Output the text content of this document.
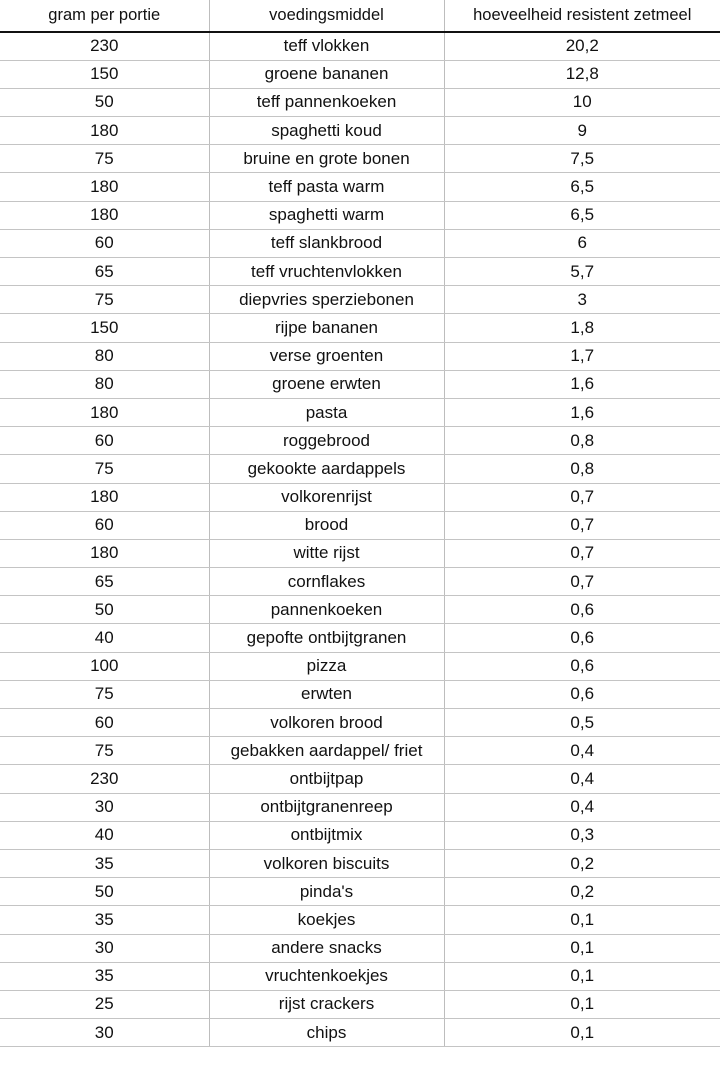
gram per portie	voedingsmiddel	hoeveelheid resistent zetmeel
230	teff vlokken	20,2
150	groene bananen	12,8
50	teff pannenkoeken	10
180	spaghetti koud	9
75	bruine en grote bonen	7,5
180	teff pasta warm	6,5
180	spaghetti warm	6,5
60	teff slankbrood	6
65	teff vruchtenvlokken	5,7
75	diepvries sperziebonen	3
150	rijpe bananen	1,8
80	verse groenten	1,7
80	groene erwten	1,6
180	pasta	1,6
60	roggebrood	0,8
75	gekookte aardappels	0,8
180	volkorenrijst	0,7
60	brood	0,7
180	witte rijst	0,7
65	cornflakes	0,7
50	pannenkoeken	0,6
40	gepofte ontbijtgranen	0,6
100	pizza	0,6
75	erwten	0,6
60	volkoren brood	0,5
75	gebakken aardappel/ friet	0,4
230	ontbijtpap	0,4
30	ontbijtgranenreep	0,4
40	ontbijtmix	0,3
35	volkoren biscuits	0,2
50	pinda's	0,2
35	koekjes	0,1
30	andere snacks	0,1
35	vruchtenkoekjes	0,1
25	rijst crackers	0,1
30	chips	0,1
